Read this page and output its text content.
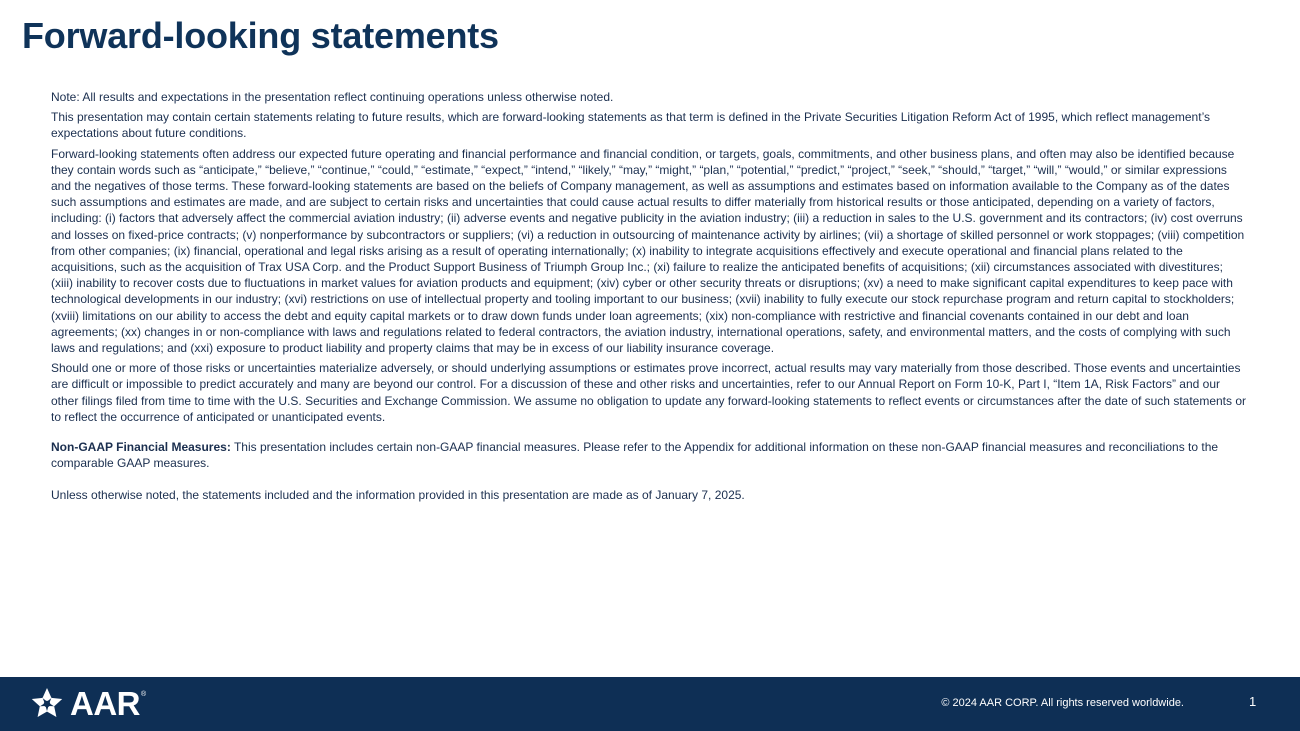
Forward-looking statements

Note: All results and expectations in the presentation reflect continuing operations unless otherwise noted.

This presentation may contain certain statements relating to future results, which are forward-looking statements as that term is defined in the Private Securities Litigation Reform Act of 1995, which reflect management’s expectations about future conditions.

Forward-looking statements often address our expected future operating and financial performance and financial condition, or targets, goals, commitments, and other business plans, and often may also be identified because they contain words such as “anticipate,” “believe,” “continue,” “could,” “estimate,” “expect,” “intend,” “likely,” “may,” “might,” “plan,” “potential,” “predict,” “project,” “seek,” “should,” “target,” “will,” “would,” or similar expressions and the negatives of those terms. These forward-looking statements are based on the beliefs of Company management, as well as assumptions and estimates based on information available to the Company as of the dates such assumptions and estimates are made, and are subject to certain risks and uncertainties that could cause actual results to differ materially from historical results or those anticipated, depending on a variety of factors, including: (i) factors that adversely affect the commercial aviation industry; (ii) adverse events and negative publicity in the aviation industry; (iii) a reduction in sales to the U.S. government and its contractors; (iv) cost overruns and losses on fixed-price contracts; (v) nonperformance by subcontractors or suppliers; (vi) a reduction in outsourcing of maintenance activity by airlines; (vii) a shortage of skilled personnel or work stoppages; (viii) competition from other companies; (ix) financial, operational and legal risks arising as a result of operating internationally; (x) inability to integrate acquisitions effectively and execute operational and financial plans related to the acquisitions, such as the acquisition of Trax USA Corp. and the Product Support Business of Triumph Group Inc.; (xi) failure to realize the anticipated benefits of acquisitions; (xii) circumstances associated with divestitures; (xiii) inability to recover costs due to fluctuations in market values for aviation products and equipment; (xiv) cyber or other security threats or disruptions; (xv) a need to make significant capital expenditures to keep pace with technological developments in our industry; (xvi) restrictions on use of intellectual property and tooling important to our business; (xvii) inability to fully execute our stock repurchase program and return capital to stockholders; (xviii) limitations on our ability to access the debt and equity capital markets or to draw down funds under loan agreements; (xix) non-compliance with restrictive and financial covenants contained in our debt and loan agreements; (xx) changes in or non-compliance with laws and regulations related to federal contractors, the aviation industry, international operations, safety, and environmental matters, and the costs of complying with such laws and regulations; and (xxi) exposure to product liability and property claims that may be in excess of our liability insurance coverage.

Should one or more of those risks or uncertainties materialize adversely, or should underlying assumptions or estimates prove incorrect, actual results may vary materially from those described. Those events and uncertainties are difficult or impossible to predict accurately and many are beyond our control. For a discussion of these and other risks and uncertainties, refer to our Annual Report on Form 10-K, Part I, “Item 1A, Risk Factors” and our other filings filed from time to time with the U.S. Securities and Exchange Commission. We assume no obligation to update any forward-looking statements to reflect events or circumstances after the date of such statements or to reflect the occurrence of anticipated or unanticipated events.

Non-GAAP Financial Measures: This presentation includes certain non-GAAP financial measures. Please refer to the Appendix for additional information on these non-GAAP financial measures and reconciliations to the comparable GAAP measures.

Unless otherwise noted, the statements included and the information provided in this presentation are made as of January 7, 2025.

AAR ®
© 2024 AAR CORP. All rights reserved worldwide.	1
